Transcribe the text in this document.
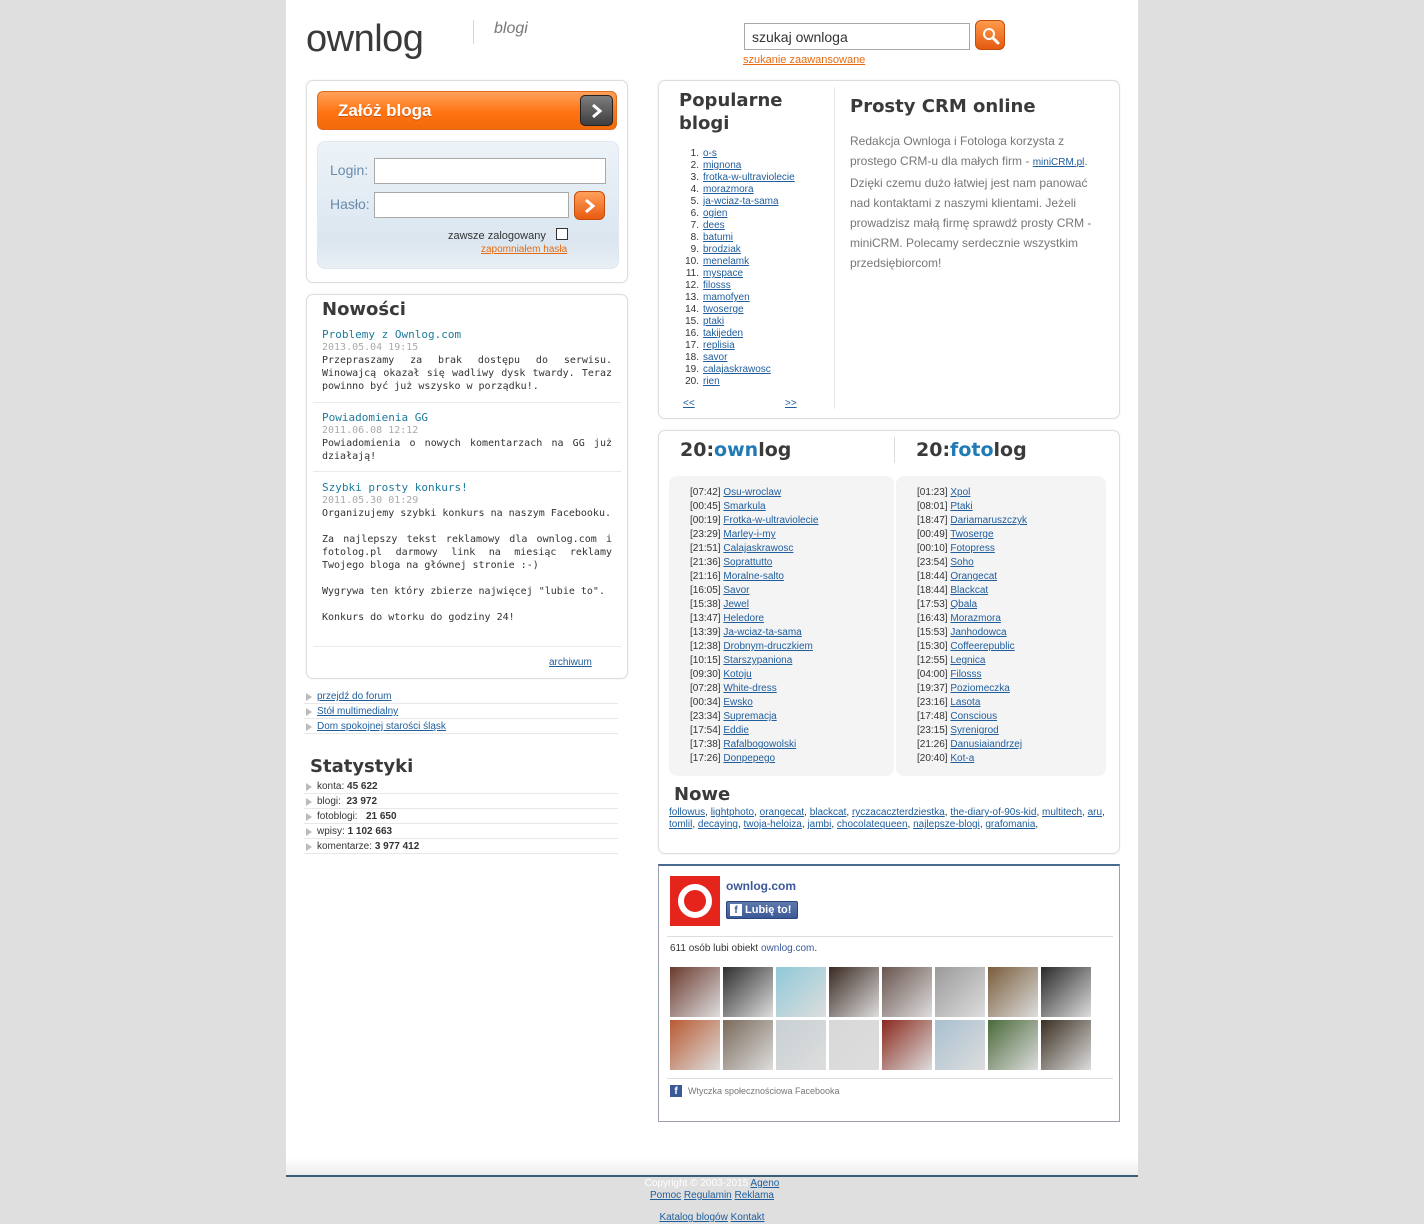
ownlog	blogi
szukaj ownloga
szukanie zaawansowane
Załóż bloga
Login:
Hasło:
zawsze zalogowany
zapomniałem hasła
Nowości
Problemy z Ownlog.com
2013.05.04 19:15
Przepraszamy za brak dostępu do serwisu. Winowajcą okazał się wadliwy dysk twardy. Teraz powinno być już wszysko w porządku!.
Powiadomienia GG
2011.06.08 12:12
Powiadomienia o nowych komentarzach na GG już działają!
Szybki prosty konkurs!
2011.05.30 01:29
Organizujemy szybki konkurs na naszym Facebooku.

Za najlepszy tekst reklamowy dla ownlog.com i fotolog.pl darmowy link na miesiąc reklamy Twojego bloga na głównej stronie :-)

Wygrywa ten który zbierze najwięcej "lubie to".

Konkurs do wtorku do godziny 24!
archiwum
przejdź do forum
Stół multimedialny
Dom spokojnej starości śląsk
Statystyki
konta: 45 622
blogi: 23 972
fotoblogi: 21 650
wpisy: 1 102 663
komentarze: 3 977 412
Popularne
blogi
1. o-s
2. mignona
3. frotka-w-ultraviolecie
4. morazmora
5. ja-wciaz-ta-sama
6. ogien
7. dees
8. batumi
9. brodziak
10. menelamk
11. myspace
12. filosss
13. mamofyen
14. twoserge
15. ptaki
16. takijeden
17. replisia
18. savor
19. calajaskrawosc
20. rien
<<	>>
Prosty CRM online
Redakcja Ownloga i Fotologa korzysta z prostego CRM-u dla małych firm - miniCRM.pl. Dzięki czemu dużo łatwiej jest nam panować nad kontaktami z naszymi klientami. Jeżeli prowadzisz małą firmę sprawdź prosty CRM - miniCRM. Polecamy serdecznie wszystkim przedsiębiorcom!
20:ownlog	20:fotolog
[07:42] Osu-wroclaw
[00:45] Smarkula
[00:19] Frotka-w-ultraviolecie
[23:29] Marley-i-my
[21:51] Calajaskrawosc
[21:36] Soprattutto
[21:16] Moralne-salto
[16:05] Savor
[15:38] Jewel
[13:47] Heledore
[13:39] Ja-wciaz-ta-sama
[12:38] Drobnym-druczkiem
[10:15] Starszypaniona
[09:30] Kotoju
[07:28] White-dress
[00:34] Ewsko
[23:34] Supremacja
[17:54] Eddie
[17:38] Rafalbogowolski
[17:26] Donpepego
[01:23] Xpol
[08:01] Ptaki
[18:47] Dariamaruszczyk
[00:49] Twoserge
[00:10] Fotopress
[23:54] Soho
[18:44] Orangecat
[18:44] Blackcat
[17:53] Qbala
[16:43] Morazmora
[15:53] Janhodowca
[15:30] Coffeerepublic
[12:55] Legnica
[04:00] Filosss
[19:37] Poziomeczka
[23:16] Lasota
[17:48] Conscious
[23:15] Syrenigrod
[21:26] Danusiaiandrzej
[20:40] Kot-a
Nowe
followus, lightphoto, orangecat, blackcat, ryczacaczterdziestka, the-diary-of-90s-kid, multitech, aru, tomlil, decaying, twoja-heloiza, jambi, chocolatequeen, najlepsze-blogi, grafomania,
ownlog.com
f Lubię to!
611 osób lubi obiekt ownlog.com.
f	Wtyczka społecznościowa Facebooka
Copyright © 2003-2015 Ageno
Pomoc Regulamin Reklama
Katalog blogów Kontakt
